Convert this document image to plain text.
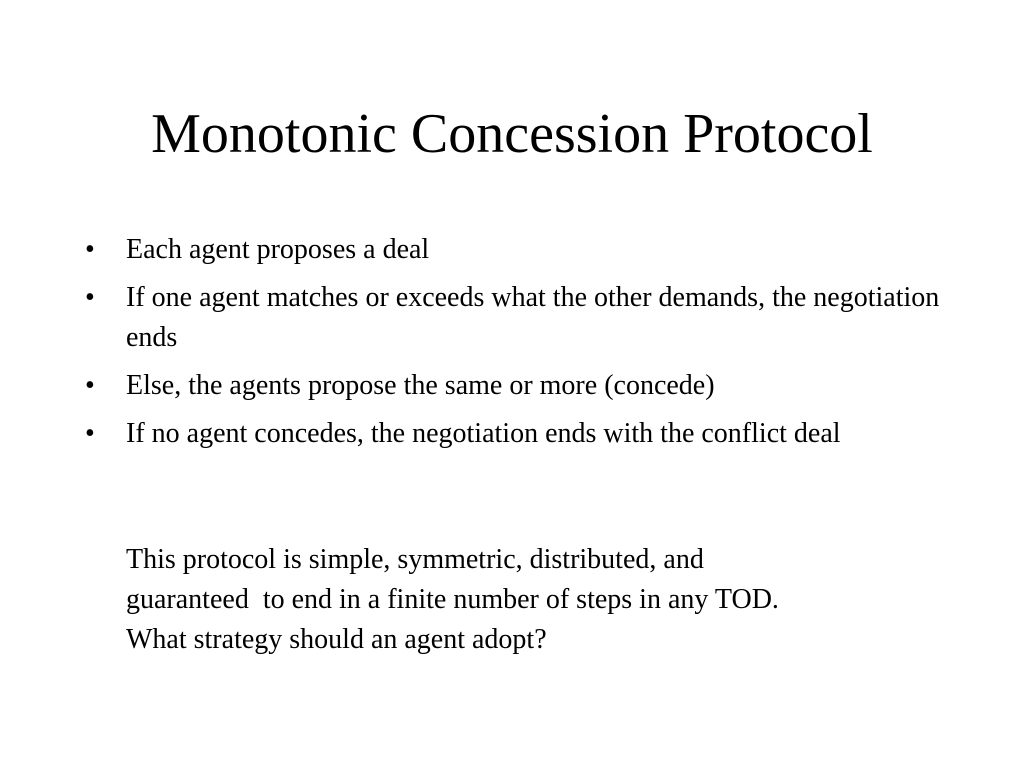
Monotonic Concession Protocol
•	Each agent proposes a deal
•	If one agent matches or exceeds what the other demands, the negotiation ends
•	Else, the agents propose the same or more (concede)
•	If no agent concedes, the negotiation ends with the conflict deal

This protocol is simple, symmetric, distributed, and
guaranteed  to end in a finite number of steps in any TOD.
What strategy should an agent adopt?
